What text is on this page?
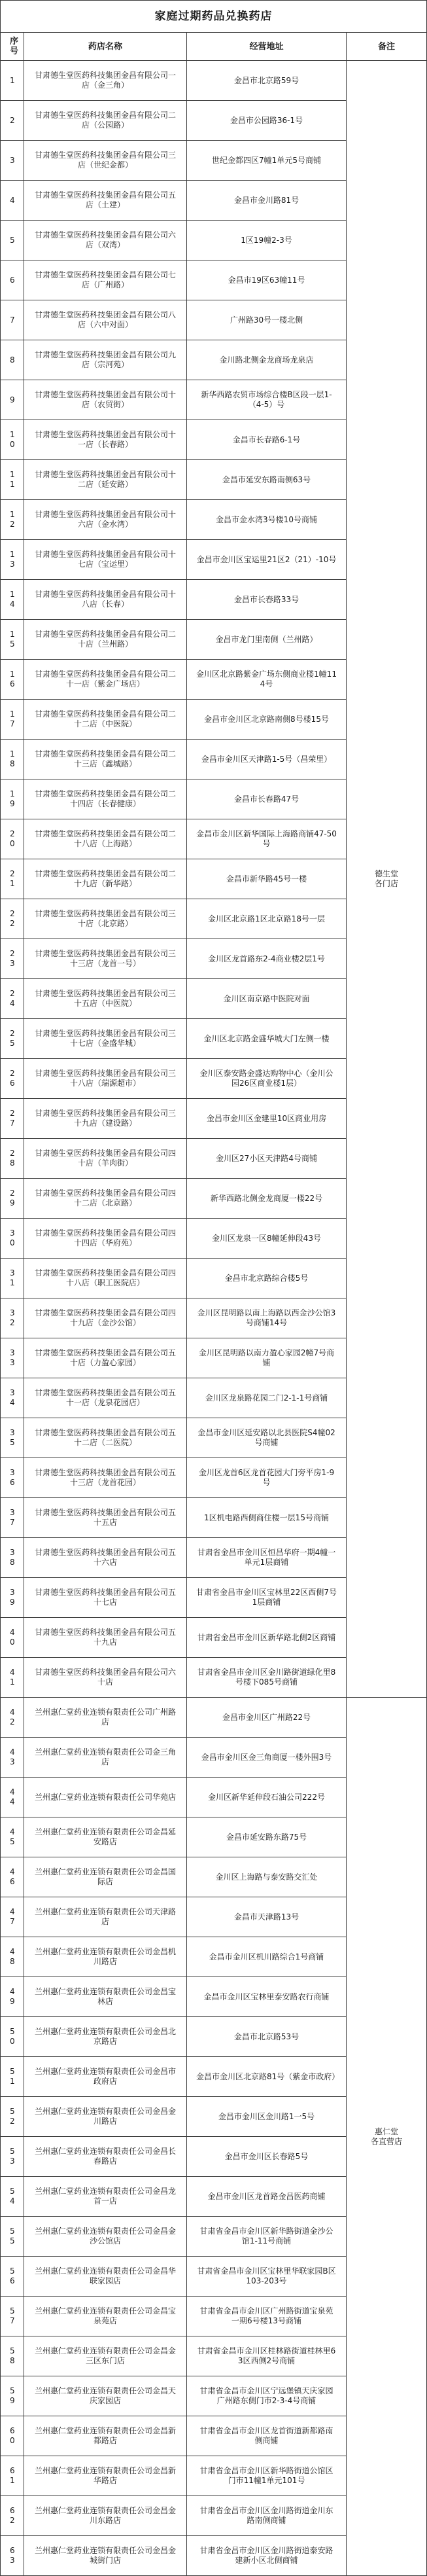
家庭过期药品兑换药店			
序号	药店名称	经营地址	备注
1	甘肃德生堂医药科技集团金昌有限公司一店（金三角）	金昌市北京路59号	德生堂
各门店

2	甘肃德生堂医药科技集团金昌有限公司二店（公园路）	金昌市公园路36-1号	
3	甘肃德生堂医药科技集团金昌有限公司三店（世纪金都）	世纪金都四区7幢1单元5号商铺	
4	甘肃德生堂医药科技集团金昌有限公司五店（土建）	金昌市金川路81号	
5	甘肃德生堂医药科技集团金昌有限公司六店（双湾）	1区19幢2-3号	
6	甘肃德生堂医药科技集团金昌有限公司七店（广州路）	金昌市19区63幢11号	
7	甘肃德生堂医药科技集团金昌有限公司八店（六中对面）	广州路30号一楼北侧	
8	甘肃德生堂医药科技集团金昌有限公司九店（宗河苑）	金川路北侧金龙商场龙泉店	
9	甘肃德生堂医药科技集团金昌有限公司十店（农贸街）	新华西路农贸市场综合楼B区段一层1-（4-5）号	
10	甘肃德生堂医药科技集团金昌有限公司十一店（长春路）	金昌市长春路6-1号	
11	甘肃德生堂医药科技集团金昌有限公司十二店（延安路）	金昌市延安东路南侧63号	
12	甘肃德生堂医药科技集团金昌有限公司十六店（金水湾）	金昌市金水湾3号楼10号商铺	
13	甘肃德生堂医药科技集团金昌有限公司十七店（宝运里）	金昌市金川区宝运里21区2（21）-10号	
14	甘肃德生堂医药科技集团金昌有限公司十八店（长春）	金昌市长春路33号	
15	甘肃德生堂医药科技集团金昌有限公司二十店（兰州路）	金昌市龙门里南侧（兰州路）	
16	甘肃德生堂医药科技集团金昌有限公司二十一店（紫金广场店）	金川区北京路紫金广场东侧商业楼1幢114号	
17	甘肃德生堂医药科技集团金昌有限公司二十二店（中医院）	金昌市金川区北京路南侧8号楼15号	
18	甘肃德生堂医药科技集团金昌有限公司二十三店（鑫城路）	金昌市金川区天津路1-5号（昌荣里）	
19	甘肃德生堂医药科技集团金昌有限公司二十四店（长春健康）	金昌市长春路47号	
20	甘肃德生堂医药科技集团金昌有限公司二十八店（上海路）	金昌市金川区新华国际上海路商铺47-50号	
21	甘肃德生堂医药科技集团金昌有限公司二十九店（新华路）	金昌市新华路45号一楼	
22	甘肃德生堂医药科技集团金昌有限公司三十店（北京路）	金川区北京路1区北京路18号一层	
23	甘肃德生堂医药科技集团金昌有限公司三十三店（龙首一号）	金川区龙首路东2-4商业楼2层1号	
24	甘肃德生堂医药科技集团金昌有限公司三十五店（中医院）	金川区南京路中医院对面	
25	甘肃德生堂医药科技集团金昌有限公司三十七店（金盛华城）	金川区北京路金盛华城大门左侧一楼	
26	甘肃德生堂医药科技集团金昌有限公司三十八店（瑞源超市）	金川区泰安路金盛达购物中心（金川公园26区商业楼1层）	
27	甘肃德生堂医药科技集团金昌有限公司三十九店（建设路）	金昌市金川区金建里10区商业用房	
28	甘肃德生堂医药科技集团金昌有限公司四十店（羊肉街）	金川区27小区天津路4号商铺	
29	甘肃德生堂医药科技集团金昌有限公司四十二店（北京路）	新华西路北侧金龙商厦一楼22号	
30	甘肃德生堂医药科技集团金昌有限公司四十四店（华府苑）	金川区龙泉一区8幢延伸段43号	
31	甘肃德生堂医药科技集团金昌有限公司四十八店（职工医院店）	金昌市北京路综合楼5号	
32	甘肃德生堂医药科技集团金昌有限公司四十九店（金沙公馆）	金川区昆明路以南上海路以西金沙公馆3号商铺14号	
33	甘肃德生堂医药科技集团金昌有限公司五十店（力盈心家园）	金川区昆明路以南力盈心家园2幢7号商铺	
34	甘肃德生堂医药科技集团金昌有限公司五十一店（龙泉花园店）	金川区龙泉路花园二门2-1-1号商铺	
35	甘肃德生堂医药科技集团金昌有限公司五十二店（二医院）	金昌市金川区延安路以北县医院S4幢02号商铺	
36	甘肃德生堂医药科技集团金昌有限公司五十三店（龙首花园）	金川区龙首6区龙首花园大门旁平房1-9号	
37	甘肃德生堂医药科技集团金昌有限公司五十五店	1区机电路西侧商住楼一层15号商铺	
38	甘肃德生堂医药科技集团金昌有限公司五十六店	甘肃省金昌市金川区恒昌华府一期4幢一单元1层商铺	
39	甘肃德生堂医药科技集团金昌有限公司五十七店	甘肃省金昌市金川区宝林里22区西侧7号1层商铺	
40	甘肃德生堂医药科技集团金昌有限公司五十九店	甘肃省金昌市金川区新华路北侧2区商铺	
41	甘肃德生堂医药科技集团金昌有限公司六十店	甘肃省金昌市金川区金川路街道绿化里8号楼下085号商铺	
42	兰州惠仁堂药业连锁有限责任公司广州路店	金昌市金川区广州路22号	惠仁堂
各直营店

43	兰州惠仁堂药业连锁有限责任公司金三角店	金昌市金川区金三角商厦一楼外围3号	
44	兰州惠仁堂药业连锁有限责任公司华苑店	金川区新华延伸段石油公司222号	
45	兰州惠仁堂药业连锁有限责任公司金昌延安路店	金昌市延安路东路75号	
46	兰州惠仁堂药业连锁有限责任公司金昌国际店	金川区上海路与泰安路交汇处	
47	兰州惠仁堂药业连锁有限责任公司天津路店	金昌市天津路13号	
48	兰州惠仁堂药业连锁有限责任公司金昌机川路店	金昌市金川区机川路综合1号商铺	
49	兰州惠仁堂药业连锁有限责任公司金昌宝林店	金昌市金川区宝林里泰安路农行商铺	
50	兰州惠仁堂药业连锁有限责任公司金昌北京路店	金昌市北京路53号	
51	兰州惠仁堂药业连锁有限责任公司金昌市政府店	金昌市金川区北京路81号（紫金市政府）	
52	兰州惠仁堂药业连锁有限责任公司金昌金川路店	金昌市金川区金川路1一5号	
53	兰州惠仁堂药业连锁有限责任公司金昌长春路店	金昌市金川区长春路5号	
54	兰州惠仁堂药业连锁有限责任公司金昌龙首一店	金昌市金川区龙首路金昌医药商铺	
55	兰州惠仁堂药业连锁有限责任公司金昌金沙公馆店	甘肃省金昌市金川区新华路街道金沙公馆1-11号商铺	
56	兰州惠仁堂药业连锁有限责任公司金昌华联家园店	甘肃省金昌市金川区宝林里华联家园B区103-203号	
57	兰州惠仁堂药业连锁有限责任公司金昌宝泉苑店	甘肃省金昌市金川区广州路街道宝泉苑一期6号楼13号商铺	
58	兰州惠仁堂药业连锁有限责任公司金昌金三区东门店	甘肃省金昌市金川区桂林路街道桂林里63区西侧2号商铺	
59	兰州惠仁堂药业连锁有限责任公司金昌天庆家园店	甘肃省金昌市金川区宁远堡镇天庆家园广州路东侧门市2-3-4号商铺	
60	兰州惠仁堂药业连锁有限责任公司金昌新都路店	甘肃省金昌市金川区龙首街道新都路南侧商铺	
61	兰州惠仁堂药业连锁有限责任公司金昌新华路店	甘肃省金昌市金川区新华路街道公馆区门市11幢1单元101号	
62	兰州惠仁堂药业连锁有限责任公司金昌金川东路店	甘肃省金昌市金川区金川路街道金川东路南侧商铺	
63	兰州惠仁堂药业连锁有限责任公司金昌金城街门店	甘肃省金昌市金川区金川路街道泰安路建新小区北侧商铺	
